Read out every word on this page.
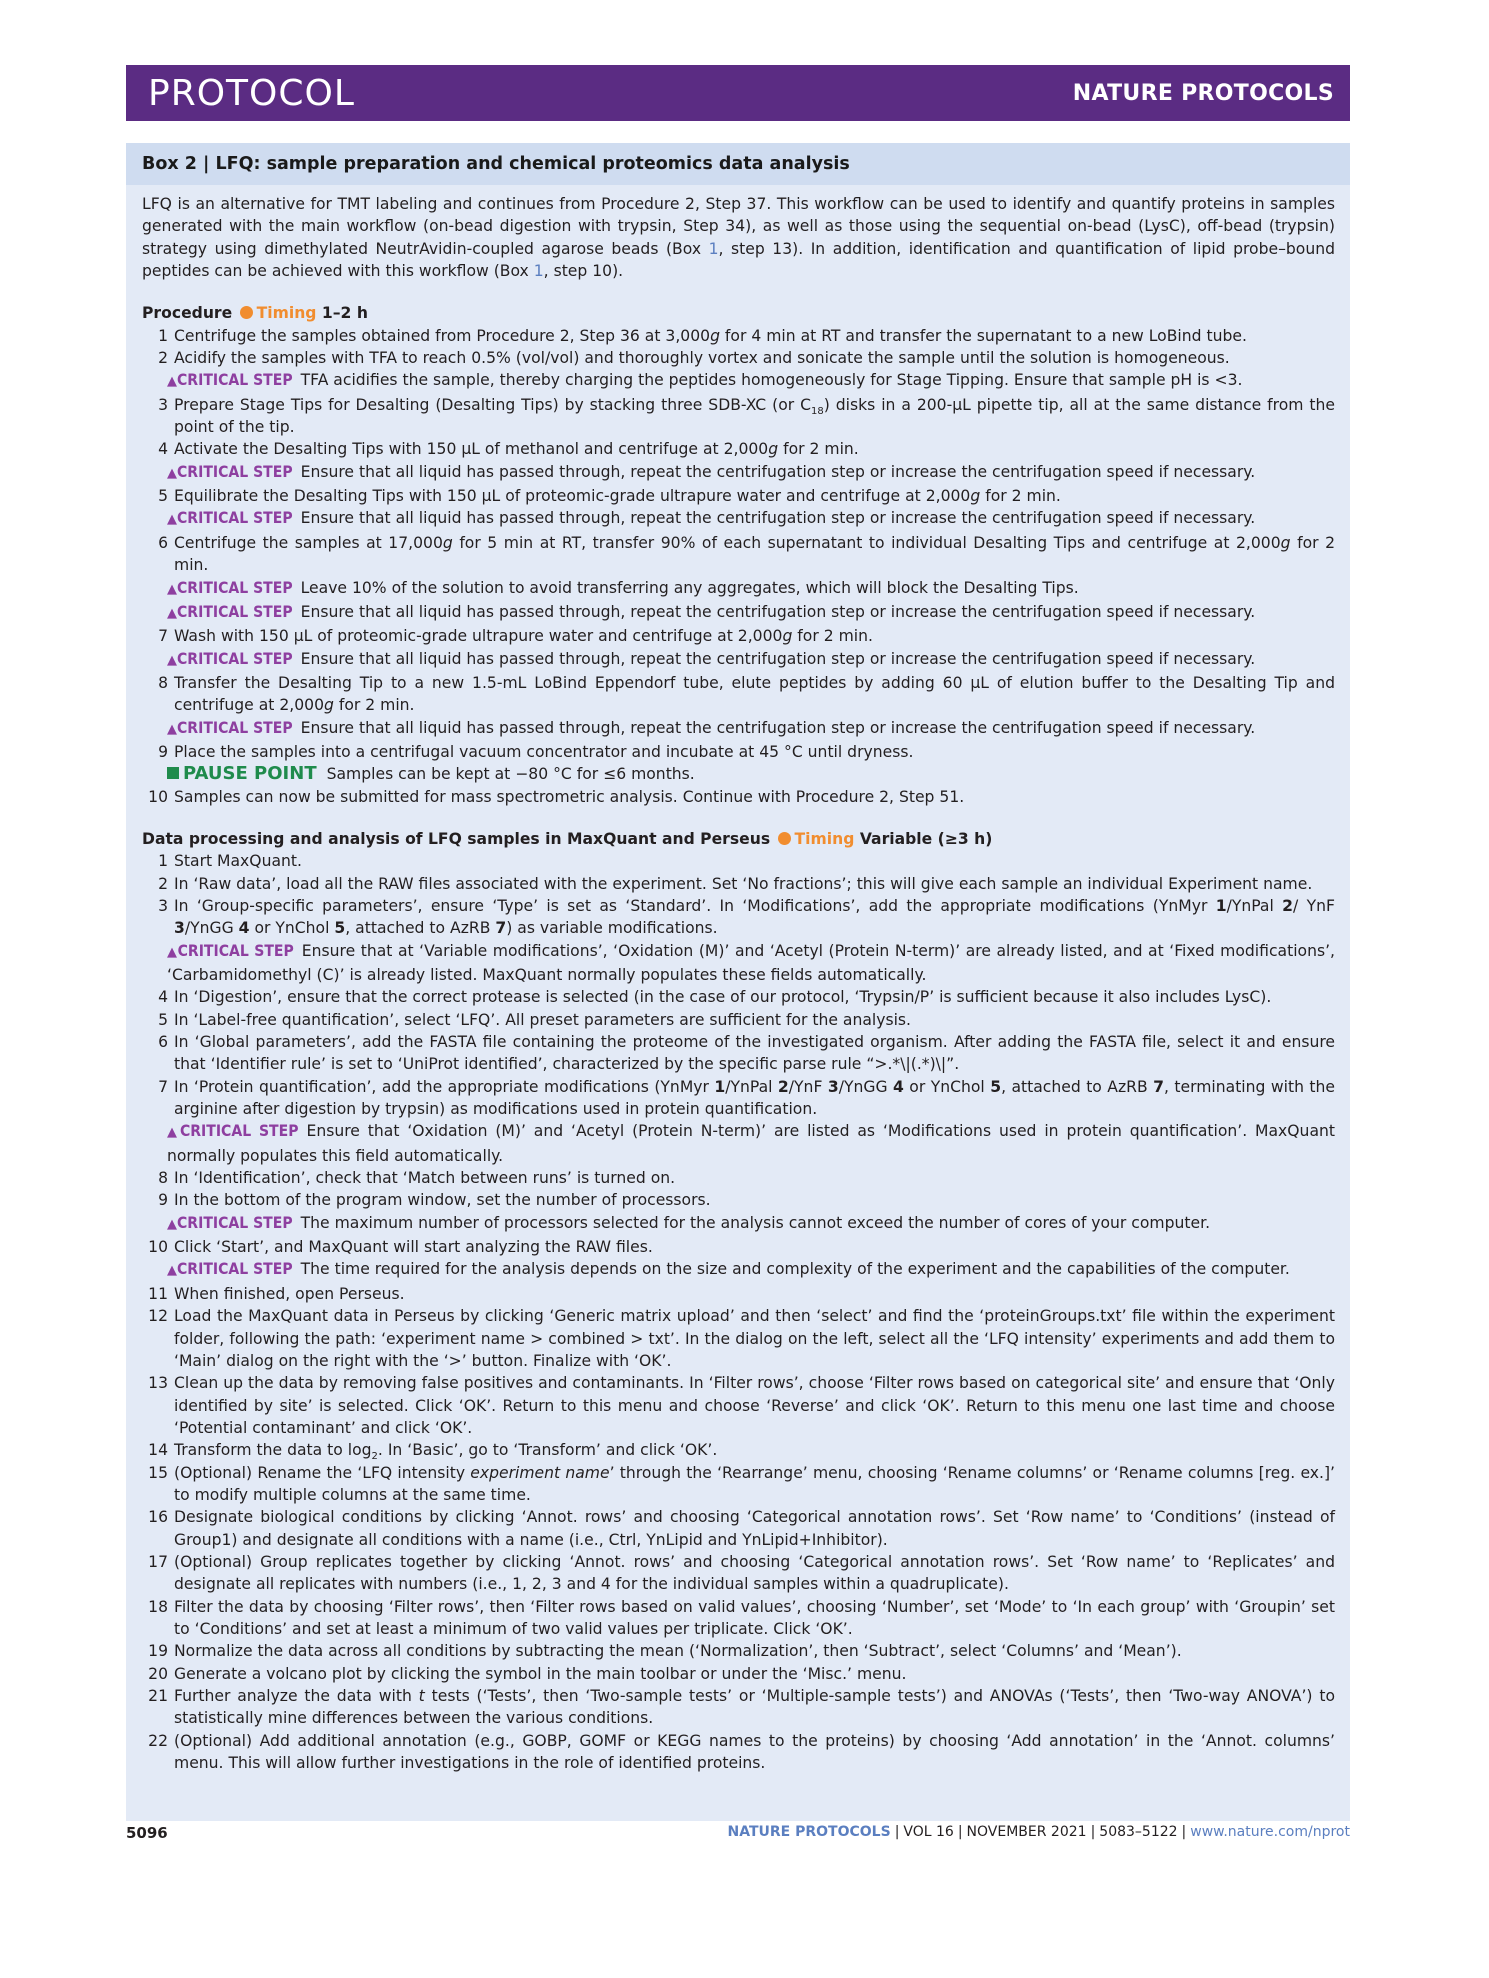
PROTOCOL	NATURE PROTOCOLS
Box 2 | LFQ: sample preparation and chemical proteomics data analysis

LFQ is an alternative for TMT labeling and continues from Procedure 2, Step 37. This workflow can be used to identify and quantify proteins in samples generated with the main workflow (on-bead digestion with trypsin, Step 34), as well as those using the sequential on-bead (LysC), off-bead (trypsin) strategy using dimethylated NeutrAvidin-coupled agarose beads (Box 1, step 13). In addition, identification and quantification of lipid probe–bound peptides can be achieved with this workflow (Box 1, step 10).

Procedure Timing 1–2 h
1 Centrifuge the samples obtained from Procedure 2, Step 36 at 3,000g for 4 min at RT and transfer the supernatant to a new LoBind tube.
2 Acidify the samples with TFA to reach 0.5% (vol/vol) and thoroughly vortex and sonicate the sample until the solution is homogeneous.
▲CRITICAL STEP TFA acidifies the sample, thereby charging the peptides homogeneously for Stage Tipping. Ensure that sample pH is <3.
3 Prepare Stage Tips for Desalting (Desalting Tips) by stacking three SDB-XC (or $C_{18}$) disks in a 200-µL pipette tip, all at the same distance from the point of the tip.
4 Activate the Desalting Tips with 150 µL of methanol and centrifuge at 2,000g for 2 min.
▲CRITICAL STEP Ensure that all liquid has passed through, repeat the centrifugation step or increase the centrifugation speed if necessary.
5 Equilibrate the Desalting Tips with 150 µL of proteomic-grade ultrapure water and centrifuge at 2,000g for 2 min.
▲CRITICAL STEP Ensure that all liquid has passed through, repeat the centrifugation step or increase the centrifugation speed if necessary.
6 Centrifuge the samples at 17,000g for 5 min at RT, transfer 90% of each supernatant to individual Desalting Tips and centrifuge at 2,000g for 2 min.
▲CRITICAL STEP Leave 10% of the solution to avoid transferring any aggregates, which will block the Desalting Tips.
▲CRITICAL STEP Ensure that all liquid has passed through, repeat the centrifugation step or increase the centrifugation speed if necessary.
7 Wash with 150 µL of proteomic-grade ultrapure water and centrifuge at 2,000g for 2 min.
▲CRITICAL STEP Ensure that all liquid has passed through, repeat the centrifugation step or increase the centrifugation speed if necessary.
8 Transfer the Desalting Tip to a new 1.5-mL LoBind Eppendorf tube, elute peptides by adding 60 µL of elution buffer to the Desalting Tip and centrifuge at 2,000g for 2 min.
▲CRITICAL STEP Ensure that all liquid has passed through, repeat the centrifugation step or increase the centrifugation speed if necessary.
9 Place the samples into a centrifugal vacuum concentrator and incubate at 45 °C until dryness.
PAUSE POINT Samples can be kept at −80 °C for ≤6 months.
10 Samples can now be submitted for mass spectrometric analysis. Continue with Procedure 2, Step 51.
Data processing and analysis of LFQ samples in MaxQuant and Perseus Timing Variable (≥3 h)
1 Start MaxQuant.
2 In ‘Raw data’, load all the RAW files associated with the experiment. Set ‘No fractions’; this will give each sample an individual Experiment name.
3 In ‘Group-specific parameters’, ensure ‘Type’ is set as ‘Standard’. In ‘Modifications’, add the appropriate modifications (YnMyr 1/YnPal 2/ YnF 3/YnGG 4 or YnChol 5, attached to AzRB 7) as variable modifications.
▲CRITICAL STEP Ensure that at ‘Variable modifications’, ‘Oxidation (M)’ and ‘Acetyl (Protein N-term)’ are already listed, and at ‘Fixed modifications’, ‘Carbamidomethyl (C)’ is already listed. MaxQuant normally populates these fields automatically.
4 In ‘Digestion’, ensure that the correct protease is selected (in the case of our protocol, ‘Trypsin/P’ is sufficient because it also includes LysC).
5 In ‘Label-free quantification’, select ‘LFQ’. All preset parameters are sufficient for the analysis.
6 In ‘Global parameters’, add the FASTA file containing the proteome of the investigated organism. After adding the FASTA file, select it and ensure that ‘Identifier rule’ is set to ‘UniProt identified’, characterized by the specific parse rule “>.*\|(.*)\|”.
7 In ‘Protein quantification’, add the appropriate modifications (YnMyr 1/YnPal 2/YnF 3/YnGG 4 or YnChol 5, attached to AzRB 7, terminating with the arginine after digestion by trypsin) as modifications used in protein quantification.
▲CRITICAL STEP Ensure that ‘Oxidation (M)’ and ‘Acetyl (Protein N-term)’ are listed as ‘Modifications used in protein quantification’. MaxQuant normally populates this field automatically.
8 In ‘Identification’, check that ‘Match between runs’ is turned on.
9 In the bottom of the program window, set the number of processors.
▲CRITICAL STEP The maximum number of processors selected for the analysis cannot exceed the number of cores of your computer.
10 Click ‘Start’, and MaxQuant will start analyzing the RAW files.
▲CRITICAL STEP The time required for the analysis depends on the size and complexity of the experiment and the capabilities of the computer.
11 When finished, open Perseus.
12 Load the MaxQuant data in Perseus by clicking ‘Generic matrix upload’ and then ‘select’ and find the ‘proteinGroups.txt’ file within the experiment folder, following the path: ‘experiment name > combined > txt’. In the dialog on the left, select all the ‘LFQ intensity’ experiments and add them to ‘Main’ dialog on the right with the ‘>’ button. Finalize with ‘OK’.
13 Clean up the data by removing false positives and contaminants. In ‘Filter rows’, choose ‘Filter rows based on categorical site’ and ensure that ‘Only identified by site’ is selected. Click ‘OK’. Return to this menu and choose ‘Reverse’ and click ‘OK’. Return to this menu one last time and choose ‘Potential contaminant’ and click ‘OK’.
14 Transform the data to $\log_2$. In ‘Basic’, go to ‘Transform’ and click ‘OK’.
15 (Optional) Rename the ‘LFQ intensity experiment name’ through the ‘Rearrange’ menu, choosing ‘Rename columns’ or ‘Rename columns [reg. ex.]’ to modify multiple columns at the same time.
16 Designate biological conditions by clicking ‘Annot. rows’ and choosing ‘Categorical annotation rows’. Set ‘Row name’ to ‘Conditions’ (instead of Group1) and designate all conditions with a name (i.e., Ctrl, YnLipid and YnLipid+Inhibitor).
17 (Optional) Group replicates together by clicking ‘Annot. rows’ and choosing ‘Categorical annotation rows’. Set ‘Row name’ to ‘Replicates’ and designate all replicates with numbers (i.e., 1, 2, 3 and 4 for the individual samples within a quadruplicate).
18 Filter the data by choosing ‘Filter rows’, then ‘Filter rows based on valid values’, choosing ‘Number’, set ‘Mode’ to ‘In each group’ with ‘Groupin’ set to ‘Conditions’ and set at least a minimum of two valid values per triplicate. Click ‘OK’.
19 Normalize the data across all conditions by subtracting the mean (‘Normalization’, then ‘Subtract’, select ‘Columns’ and ‘Mean’).
20 Generate a volcano plot by clicking the symbol in the main toolbar or under the ‘Misc.’ menu.
21 Further analyze the data with t tests (‘Tests’, then ‘Two-sample tests’ or ‘Multiple-sample tests’) and ANOVAs (‘Tests’, then ‘Two-way ANOVA’) to statistically mine differences between the various conditions.
22 (Optional) Add additional annotation (e.g., GOBP, GOMF or KEGG names to the proteins) by choosing ‘Add annotation’ in the ‘Annot. columns’ menu. This will allow further investigations in the role of identified proteins.
5096	NATURE PROTOCOLS | VOL 16 | NOVEMBER 2021 | 5083–5122 | www.nature.com/nprot
